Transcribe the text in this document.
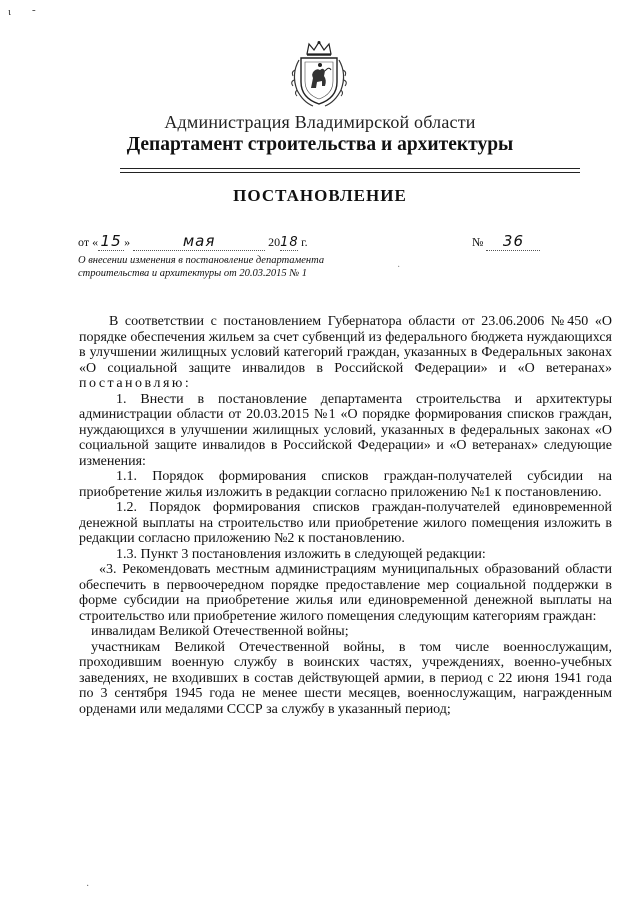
ι -
Администрация Владимирской области
Департамент строительства и архитектуры
ПОСТАНОВЛЕНИЕ
от « 15 »	мая	2018 г.	№ 36
О внесении изменения в постановление департамента строительства и архитектуры от 20.03.2015 № 1
·

В соответствии с постановлением Губернатора области от 23.06.2006 №450 «О порядке обеспечения жильем за счет субвенций из федерального бюджета нуждающихся в улучшении жилищных условий категорий граждан, указанных в Федеральных законах «О социальной защите инвалидов в Российской Федерации» и «О ветеранах» постановляю:

1. Внести в постановление департамента строительства и архитектуры администрации области от 20.03.2015 №1 «О порядке формирования списков граждан, нуждающихся в улучшении жилищных условий, указанных в федеральных законах «О социальной защите инвалидов в Российской Федерации» и «О ветеранах» следующие изменения:

1.1. Порядок формирования списков граждан-получателей субсидии на приобретение жилья изложить в редакции согласно приложению №1 к постановлению.

1.2. Порядок формирования списков граждан-получателей единовременной денежной выплаты на строительство или приобретение жилого помещения изложить в редакции согласно приложению №2 к постановлению.

1.3. Пункт 3 постановления изложить в следующей редакции:

«3. Рекомендовать местным администрациям муниципальных образований области обеспечить в первоочередном порядке предоставление мер социальной поддержки в форме субсидии на приобретение жилья или единовременной денежной выплаты на строительство или приобретение жилого помещения следующим категориям граждан:

инвалидам Великой Отечественной войны;

участникам Великой Отечественной войны, в том числе военнослужащим, проходившим военную службу в воинских частях, учреждениях, военно-учебных заведениях, не входивших в состав действующей армии, в период с 22 июня 1941 года по 3 сентября 1945 года не менее шести месяцев, военнослужащим, награжденным орденами или медалями СССР за службу в указанный период;

·
